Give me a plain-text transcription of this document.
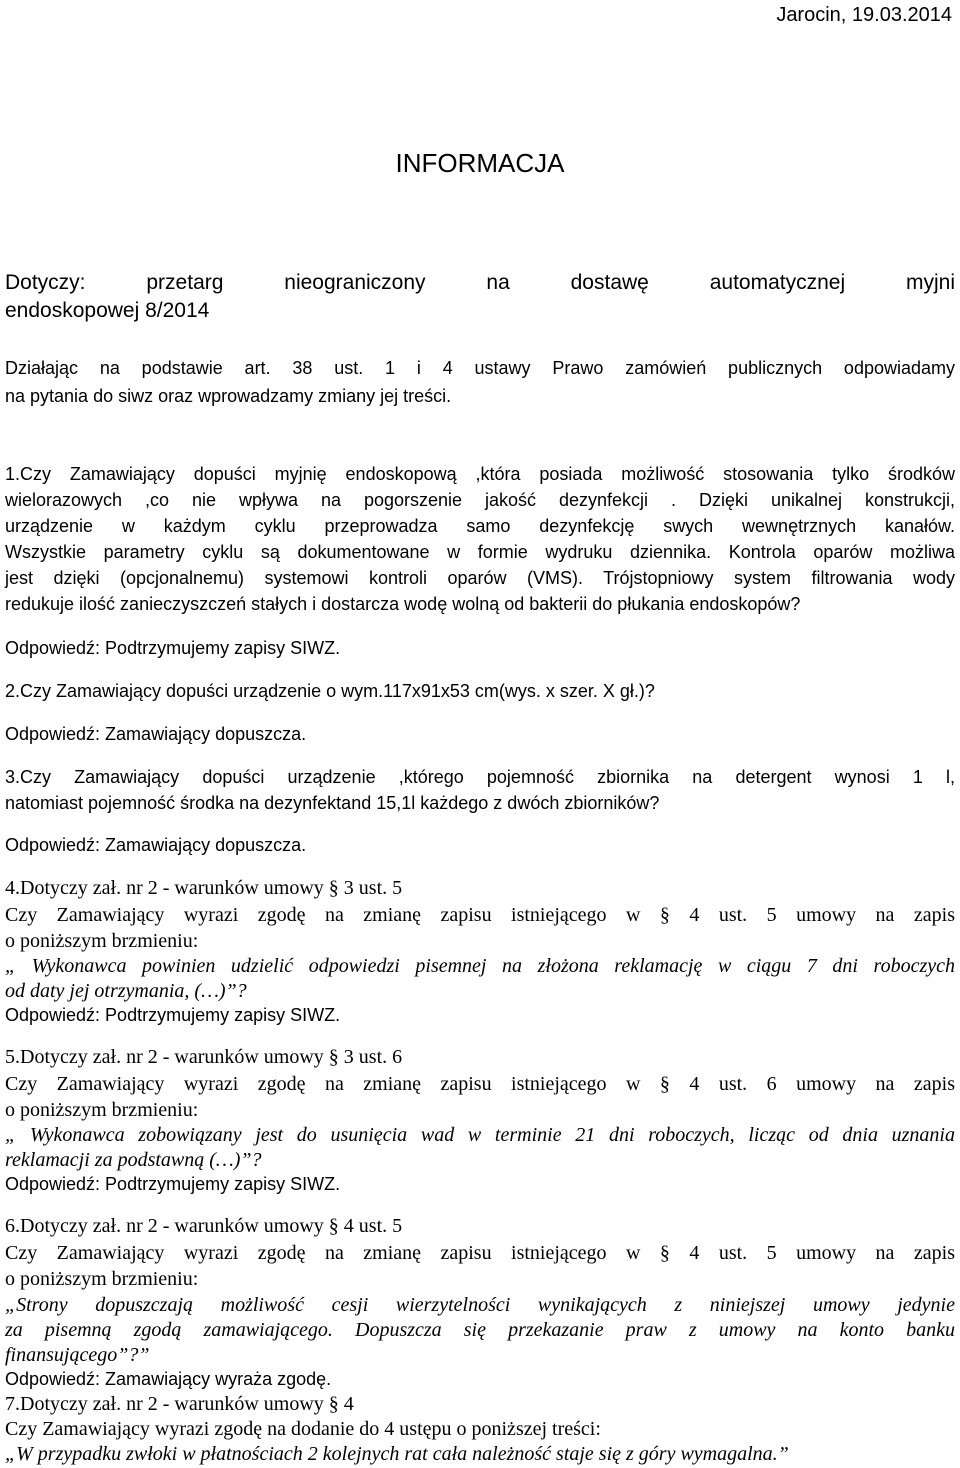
Jarocin, 19.03.2014
INFORMACJA

Dotyczy: przetarg nieograniczony na dostawę automatycznej myjni

endoskopowej 8/2014

Działając na podstawie art. 38 ust. 1 i 4 ustawy Prawo zamówień publicznych odpowiadamy

na pytania do siwz oraz wprowadzamy zmiany jej treści.

1.Czy Zamawiający dopuści myjnię endoskopową ,która posiada możliwość stosowania tylko środków

wielorazowych ,co nie wpływa na pogorszenie jakość dezynfekcji . Dzięki unikalnej konstrukcji,

urządzenie w każdym cyklu przeprowadza samo dezynfekcję swych wewnętrznych kanałów.

Wszystkie parametry cyklu są dokumentowane w formie wydruku dziennika. Kontrola oparów możliwa

jest dzięki (opcjonalnemu) systemowi kontroli oparów (VMS). Trójstopniowy system filtrowania wody

redukuje ilość zanieczyszczeń stałych i dostarcza wodę wolną od bakterii do płukania endoskopów?

Odpowiedź: Podtrzymujemy zapisy SIWZ.

2.Czy Zamawiający dopuści urządzenie o wym.117x91x53 cm(wys. x szer. X gł.)?

Odpowiedź: Zamawiający dopuszcza.

3.Czy Zamawiający dopuści urządzenie ,którego pojemność zbiornika na detergent wynosi 1 l,

natomiast pojemność środka na dezynfektand 15,1l każdego z dwóch zbiorników?

Odpowiedź: Zamawiający dopuszcza.

4.Dotyczy zał. nr 2 - warunków umowy § 3 ust. 5

Czy Zamawiający wyrazi zgodę na zmianę zapisu istniejącego w § 4 ust. 5 umowy na zapis

o poniższym brzmieniu:

„ Wykonawca powinien udzielić odpowiedzi pisemnej na złożona reklamację w ciągu 7 dni roboczych

od daty jej otrzymania, (…)”?

Odpowiedź: Podtrzymujemy zapisy SIWZ.

5.Dotyczy zał. nr 2 - warunków umowy § 3 ust. 6

Czy Zamawiający wyrazi zgodę na zmianę zapisu istniejącego w § 4 ust. 6 umowy na zapis

o poniższym brzmieniu:

„ Wykonawca zobowiązany jest do usunięcia wad w terminie 21 dni roboczych, licząc od dnia uznania

reklamacji za podstawną (…)”?

Odpowiedź: Podtrzymujemy zapisy SIWZ.

6.Dotyczy zał. nr 2 - warunków umowy § 4 ust. 5

Czy Zamawiający wyrazi zgodę na zmianę zapisu istniejącego w § 4 ust. 5 umowy na zapis

o poniższym brzmieniu:

„Strony dopuszczają możliwość cesji wierzytelności wynikających z niniejszej umowy jedynie

za pisemną zgodą zamawiającego. Dopuszcza się przekazanie praw z umowy na konto banku

finansującego”?”

Odpowiedź: Zamawiający wyraża zgodę.

7.Dotyczy zał. nr 2 - warunków umowy § 4

Czy Zamawiający wyrazi zgodę na dodanie do 4 ustępu o poniższej treści:

„W przypadku zwłoki w płatnościach 2 kolejnych rat cała należność staje się z góry wymagalna.”
